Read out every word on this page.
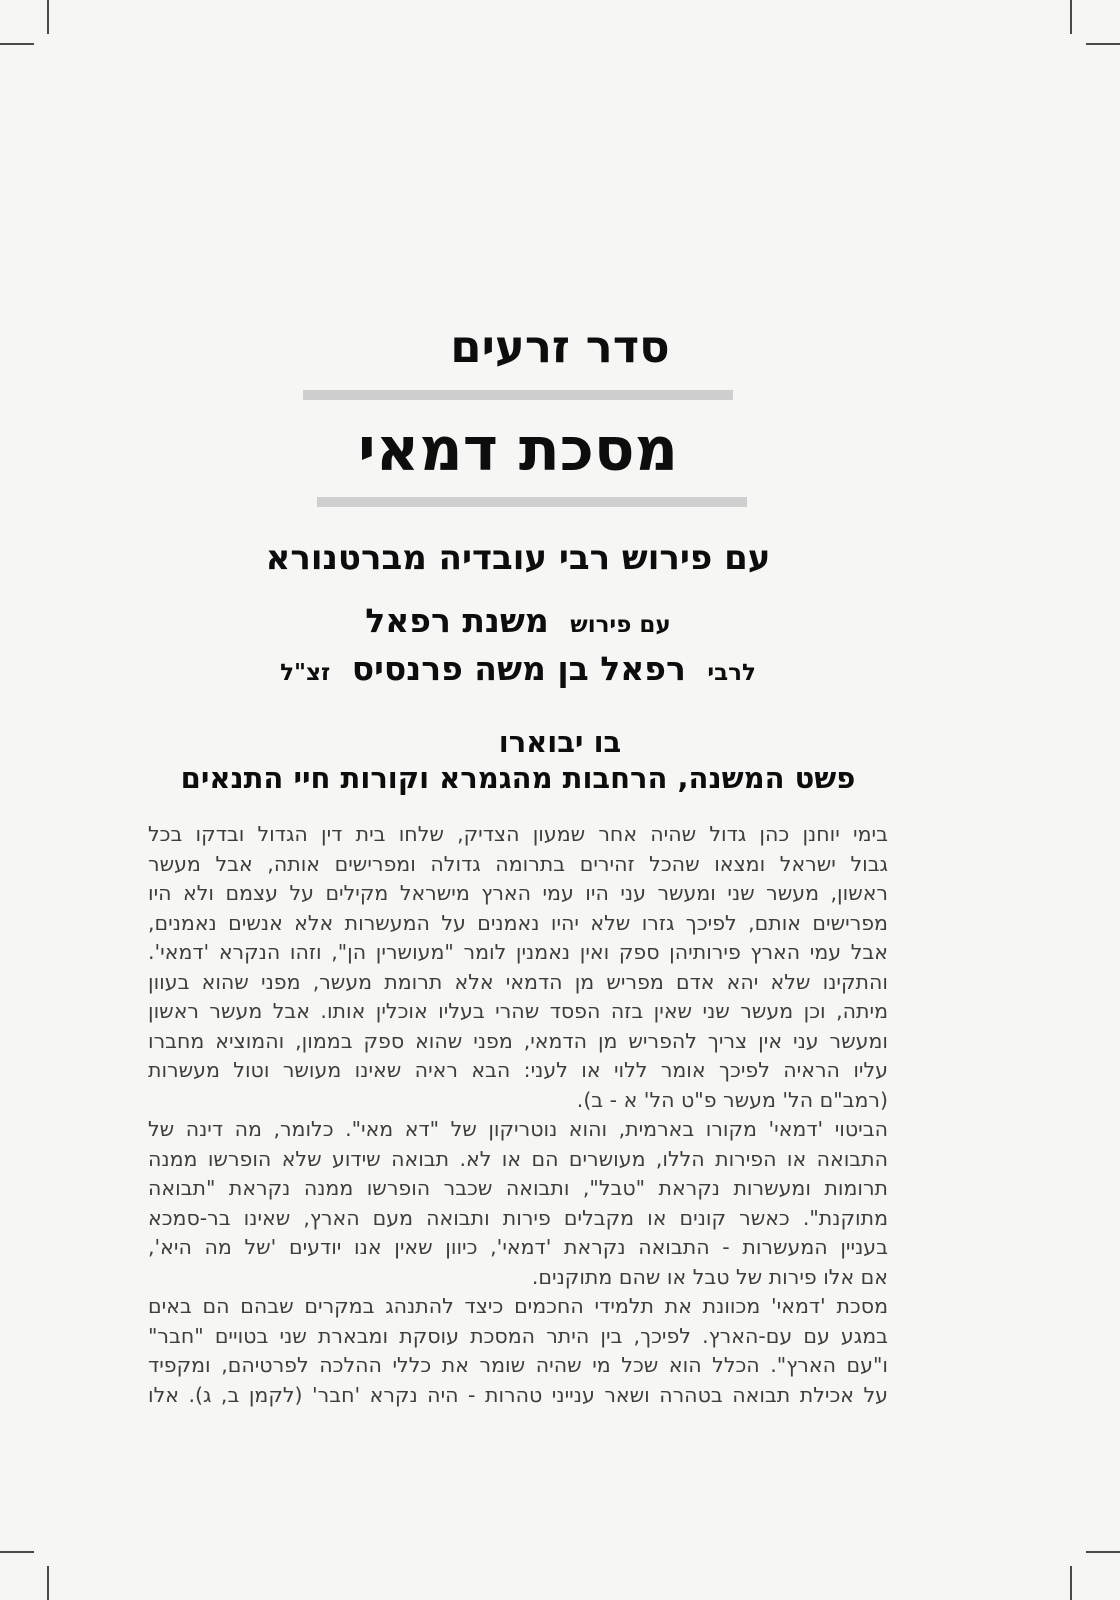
סדר זרעים
מסכת דמאי
עם פירוש רבי עובדיה מברטנורא
עם פירוש משנת רפאל
לרבי רפאל בן משה פרנסיס זצ"ל
בו יבוארו
פשט המשנה, הרחבות מהגמרא וקורות חיי התנאים
בימי יוחנן כהן גדול שהיה אחר שמעון הצדיק, שלחו בית דין הגדול ובדקו בכל
גבול ישראל ומצאו שהכל זהירים בתרומה גדולה ומפרישים אותה, אבל מעשר
ראשון, מעשר שני ומעשר עני היו עמי הארץ מישראל מקילים על עצמם ולא היו
מפרישים אותם, לפיכך גזרו שלא יהיו נאמנים על המעשרות אלא אנשים נאמנים,
אבל עמי הארץ פירותיהן ספק ואין נאמנין לומר "מעושרין הן", וזהו הנקרא 'דמאי'.
והתקינו שלא יהא אדם מפריש מן הדמאי אלא תרומת מעשר, מפני שהוא בעוון
מיתה, וכן מעשר שני שאין בזה הפסד שהרי בעליו אוכלין אותו. אבל מעשר ראשון
ומעשר עני אין צריך להפריש מן הדמאי, מפני שהוא ספק בממון, והמוציא מחברו
עליו הראיה לפיכך אומר ללוי או לעני: הבא ראיה שאינו מעושר וטול מעשרות
(רמב"ם הל' מעשר פ"ט הל' א - ב).
הביטוי 'דמאי' מקורו בארמית, והוא נוטריקון של "דא מאי". כלומר, מה דינה של
התבואה או הפירות הללו, מעושרים הם או לא. תבואה שידוע שלא הופרשו ממנה
תרומות ומעשרות נקראת "טבל", ותבואה שכבר הופרשו ממנה נקראת "תבואה
מתוקנת". כאשר קונים או מקבלים פירות ותבואה מעם הארץ, שאינו בר-סמכא
בעניין המעשרות - התבואה נקראת 'דמאי', כיוון שאין אנו יודעים 'של מה היא',
אם אלו פירות של טבל או שהם מתוקנים.
מסכת 'דמאי' מכוונת את תלמידי החכמים כיצד להתנהג במקרים שבהם הם באים
במגע עם עם-הארץ. לפיכך, בין היתר המסכת עוסקת ומבארת שני בטויים "חבר"
ו"עם הארץ". הכלל הוא שכל מי שהיה שומר את כללי ההלכה לפרטיהם, ומקפיד
על אכילת תבואה בטהרה ושאר ענייני טהרות - היה נקרא 'חבר' (לקמן ב, ג). אלו
